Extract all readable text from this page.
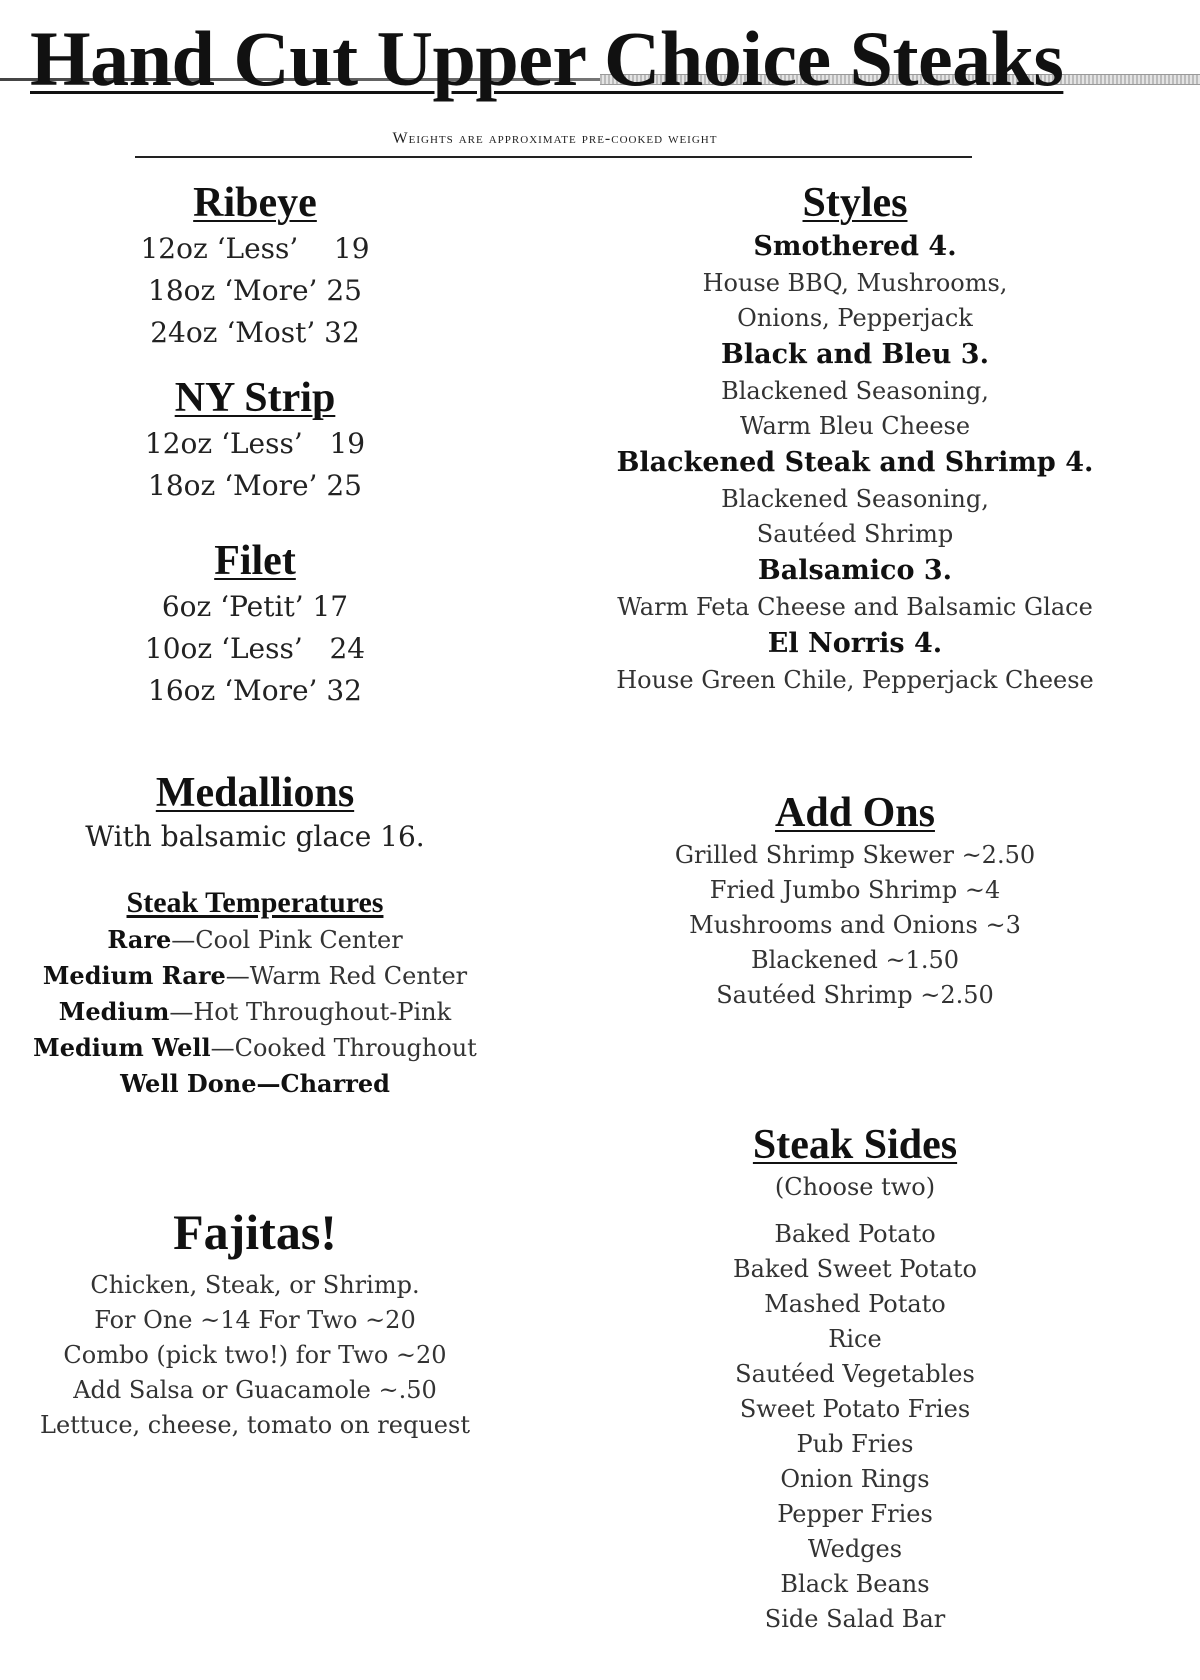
Hand Cut Upper Choice Steaks
Weights are approximate pre-cooked weight
Ribeye
12oz ‘Less’    19
18oz ‘More’ 25
24oz ‘Most’ 32
NY Strip
12oz ‘Less’   19
18oz ‘More’ 25
Filet
6oz ‘Petit’ 17
10oz ‘Less’   24
16oz ‘More’ 32
Medallions
With balsamic glace 16.
Steak Temperatures
Rare—Cool Pink Center
Medium Rare—Warm Red Center
Medium—Hot Throughout-Pink
Medium Well—Cooked Throughout
Well Done—Charred
Fajitas!
Chicken, Steak, or Shrimp.
For One ~14 For Two ~20
Combo (pick two!) for Two ~20
Add Salsa or Guacamole ~.50
Lettuce, cheese, tomato on request
Styles
Smothered 4.
House BBQ, Mushrooms,
Onions, Pepperjack
Black and Bleu 3.
Blackened Seasoning,
Warm Bleu Cheese
Blackened Steak and Shrimp 4.
Blackened Seasoning,
Sautéed Shrimp
Balsamico 3.
Warm Feta Cheese and Balsamic Glace
El Norris 4.
House Green Chile, Pepperjack Cheese
Add Ons
Grilled Shrimp Skewer ~2.50
Fried Jumbo Shrimp ~4
Mushrooms and Onions ~3
Blackened ~1.50
Sautéed Shrimp ~2.50
Steak Sides
(Choose two)
Baked Potato
Baked Sweet Potato
Mashed Potato
Rice
Sautéed Vegetables
Sweet Potato Fries
Pub Fries
Onion Rings
Pepper Fries
Wedges
Black Beans
Side Salad Bar
